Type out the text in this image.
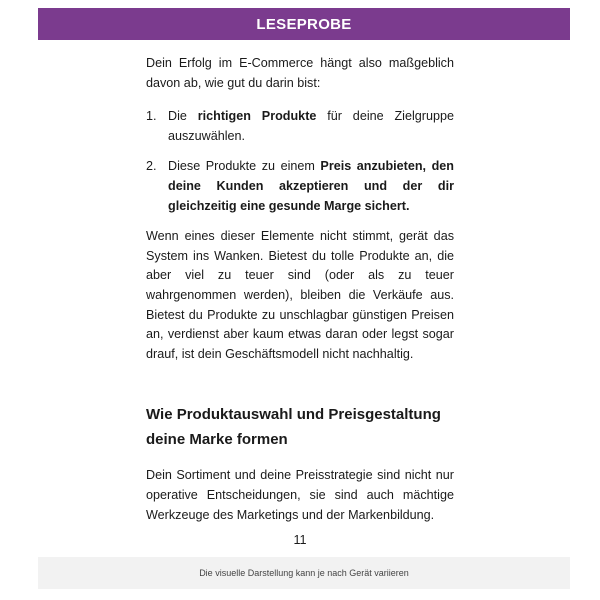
LESEPROBE

Dein Erfolg im E-Commerce hängt also maßgeblich davon ab, wie gut du darin bist:

1. Die richtigen Produkte für deine Zielgruppe auszuwählen.
2. Diese Produkte zu einem Preis anzubieten, den deine Kunden akzeptieren und der dir gleichzeitig eine gesunde Marge sichert.

Wenn eines dieser Elemente nicht stimmt, gerät das System ins Wanken. Bietest du tolle Produkte an, die aber viel zu teuer sind (oder als zu teuer wahrgenommen werden), bleiben die Verkäufe aus. Bietest du Produkte zu unschlagbar günstigen Preisen an, verdienst aber kaum etwas daran oder legst sogar drauf, ist dein Geschäftsmodell nicht nachhaltig.

Wie Produktauswahl und Preisgestaltung deine Marke formen

Dein Sortiment und deine Preisstrategie sind nicht nur operative Entscheidungen, sie sind auch mächtige Werkzeuge des Marketings und der Markenbildung.

11
Die visuelle Darstellung kann je nach Gerät variieren
